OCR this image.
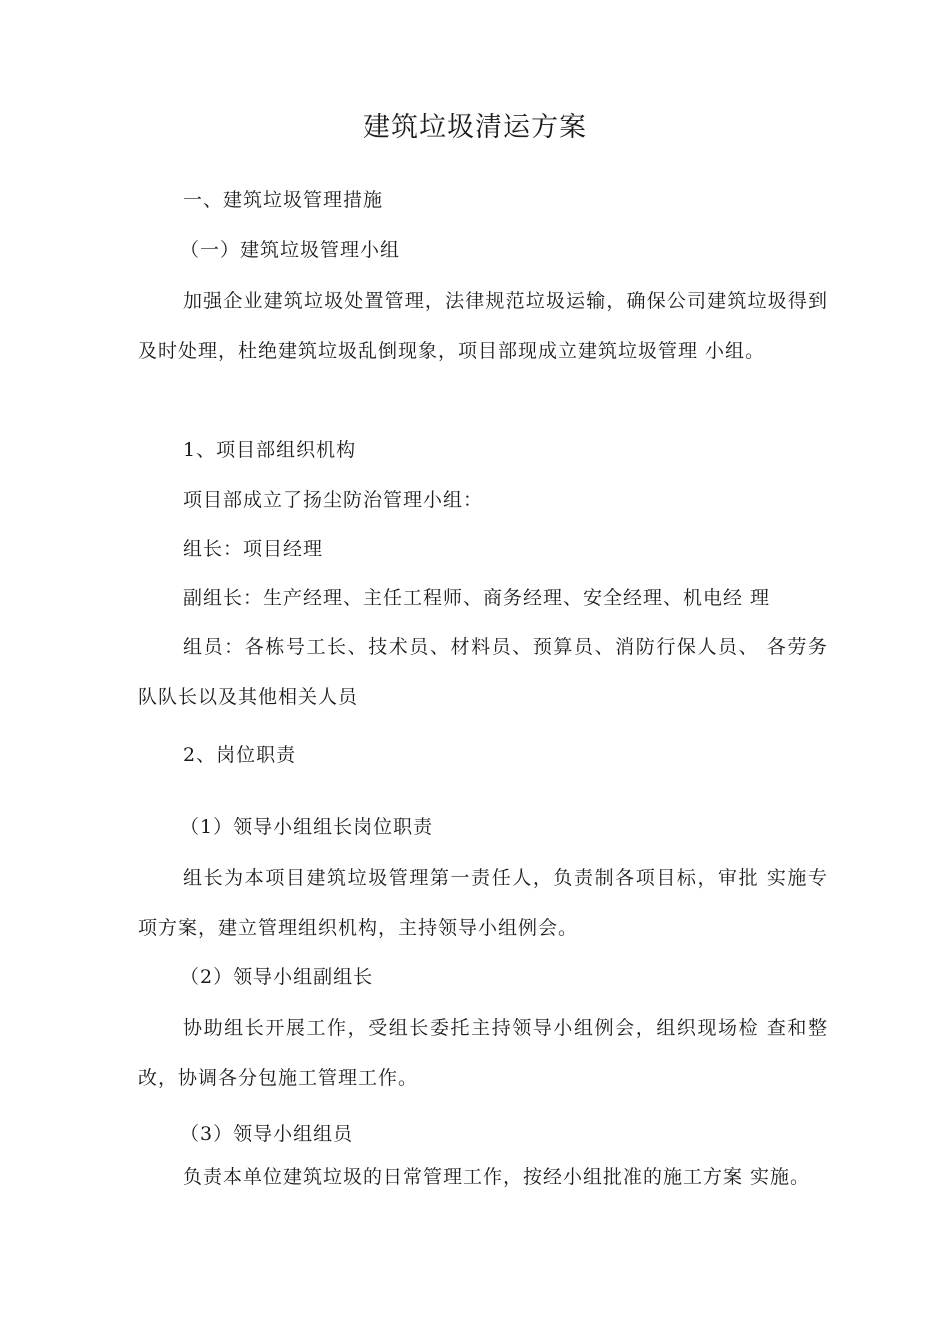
建筑垃圾清运方案
一、建筑垃圾管理措施
（一）建筑垃圾管理小组

加强企业建筑垃圾处置管理，法律规范垃圾运输，确保公司建筑垃圾得到及时处理，杜绝建筑垃圾乱倒现象，项目部现成立建筑垃圾管理 小组。

1、项目部组织机构
项目部成立了扬尘防治管理小组：
组长：项目经理
副组长：生产经理、主任工程师、商务经理、安全经理、机电经 理

组员：各栋号工长、技术员、材料员、预算员、消防行保人员、 各劳务队队长以及其他相关人员

2、岗位职责
（1）领导小组组长岗位职责

组长为本项目建筑垃圾管理第一责任人，负责制各项目标，审批 实施专项方案，建立管理组织机构，主持领导小组例会。

（2）领导小组副组长

协助组长开展工作，受组长委托主持领导小组例会，组织现场检 查和整改，协调各分包施工管理工作。

（3）领导小组组员

负责本单位建筑垃圾的日常管理工作，按经小组批准的施工方案 实施。
